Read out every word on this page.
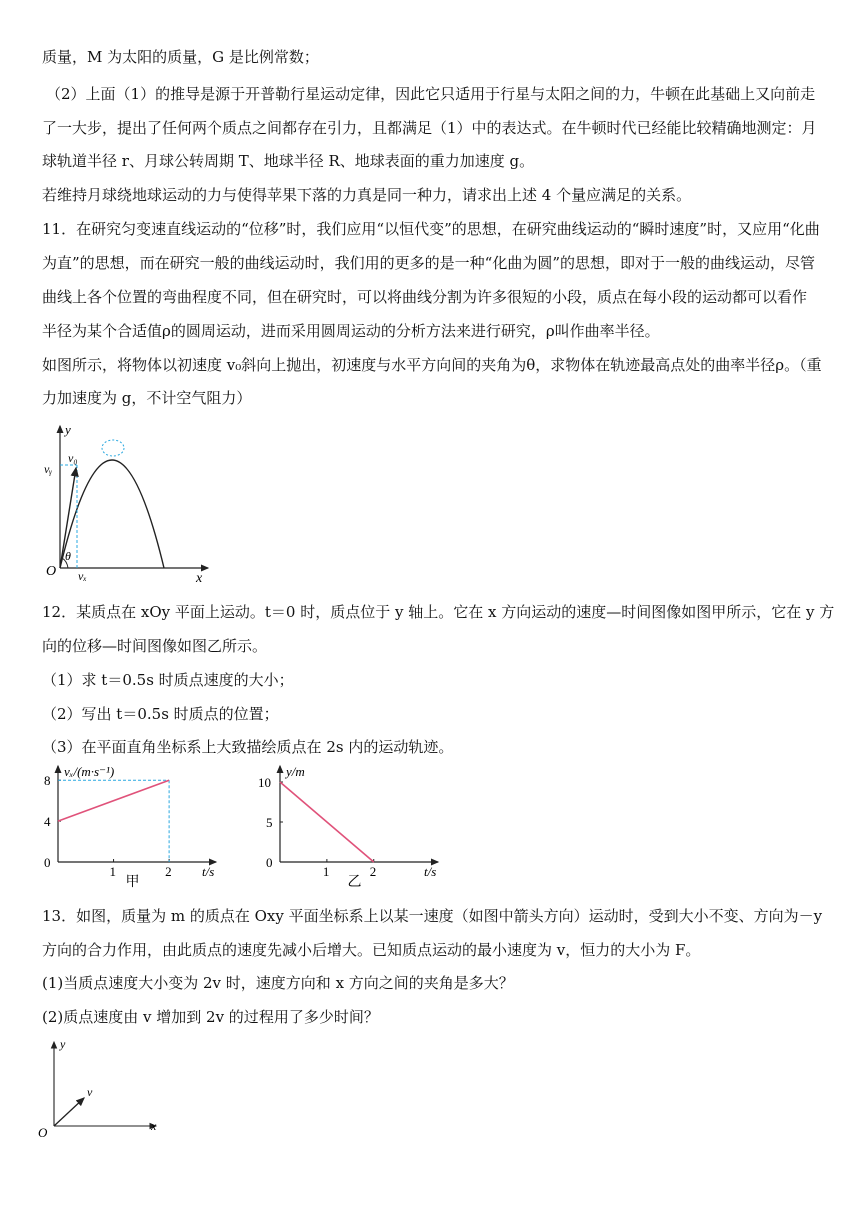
质量，M 为太阳的质量，G 是比例常数；
（2）上面（1）的推导是源于开普勒行星运动定律，因此它只适用于行星与太阳之间的力，牛顿在此基础上又向前走
了一大步，提出了任何两个质点之间都存在引力，且都满足（1）中的表达式。在牛顿时代已经能比较精确地测定：月
球轨道半径 r、月球公转周期 T、地球半径 R、地球表面的重力加速度 g。
若维持月球绕地球运动的力与使得苹果下落的力真是同一种力，请求出上述 4 个量应满足的关系。
11．在研究匀变速直线运动的“位移”时，我们应用“以恒代变”的思想，在研究曲线运动的“瞬时速度”时，又应用“化曲
为直”的思想，而在研究一般的曲线运动时，我们用的更多的是一种“化曲为圆”的思想，即对于一般的曲线运动，尽管
曲线上各个位置的弯曲程度不同，但在研究时，可以将曲线分割为许多很短的小段，质点在每小段的运动都可以看作
半径为某个合适值ρ的圆周运动，进而采用圆周运动的分析方法来进行研究，ρ叫作曲率半径。
如图所示，将物体以初速度 v₀斜向上抛出，初速度与水平方向间的夹角为θ，求物体在轨迹最高点处的曲率半径ρ。（重
力加速度为 g，不计空气阻力）
y
x
O
v₀
vᵧ
vₓ
θ
12．某质点在 xOy 平面上运动。t＝0 时，质点位于 y 轴上。它在 x 方向运动的速度—时间图像如图甲所示，它在 y 方
向的位移—时间图像如图乙所示。
（1）求 t＝0.5s 时质点速度的大小；
（2）写出 t＝0.5s 时质点的位置；
（3）在平面直角坐标系上大致描绘质点在 2s 内的运动轨迹。
1	2
0
4
8
vₓ/(m·s⁻¹)
t/s
甲
1	2
0
5
10
y/m
t/s
乙
13．如图，质量为 m 的质点在 Oxy 平面坐标系上以某一速度（如图中箭头方向）运动时，受到大小不变、方向为－y
方向的合力作用，由此质点的速度先减小后增大。已知质点运动的最小速度为 v，恒力的大小为 F。
(1)当质点速度大小变为 2v 时，速度方向和 x 方向之间的夹角是多大？
(2)质点速度由 v 增加到 2v 的过程用了多少时间？
y
x
O
v
